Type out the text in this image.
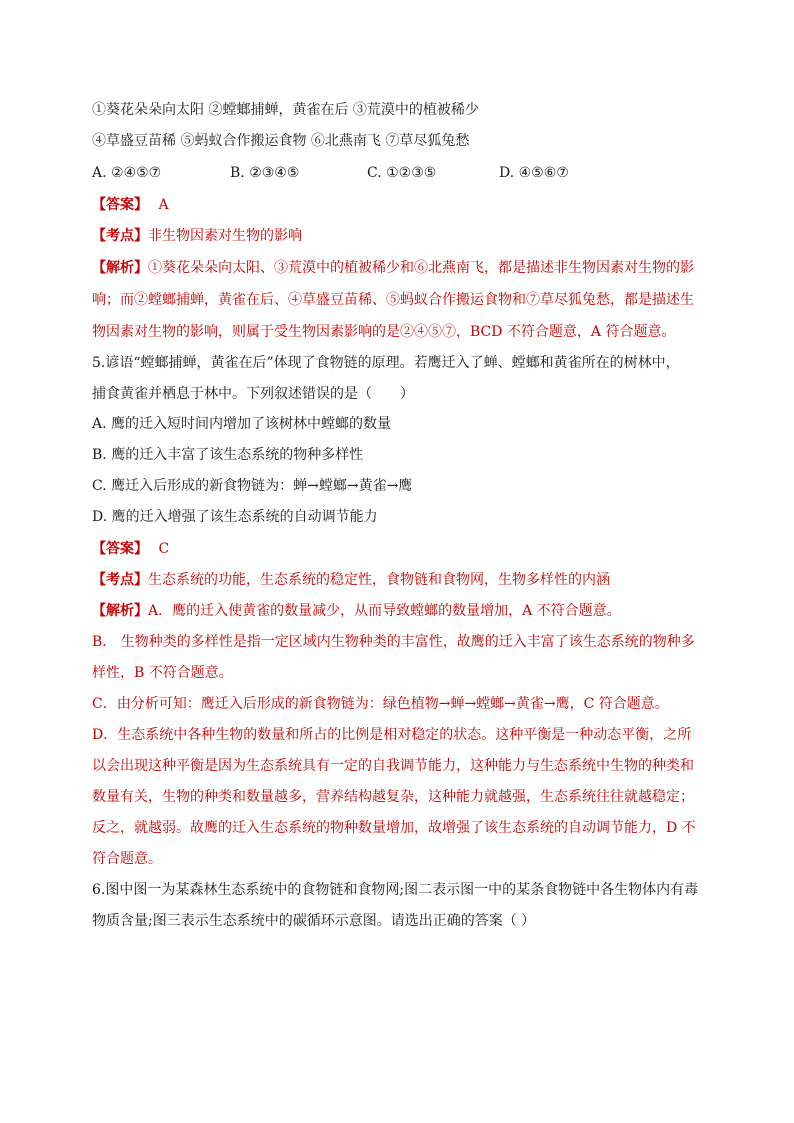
①葵花朵朵向太阳 ②螳螂捕蝉，黄雀在后 ③荒漠中的植被稀少
④草盛豆苗稀 ⑤蚂蚁合作搬运食物 ⑥北燕南飞 ⑦草尽狐兔愁
A. ②④⑤⑦	B. ②③④⑤	C. ①②③⑤	D. ④⑤⑥⑦
【答案】 A
【考点】非生物因素对生物的影响
【解析】①葵花朵朵向太阳、③荒漠中的植被稀少和⑥北燕南飞，都是描述非生物因素对生物的影
响；而②螳螂捕蝉，黄雀在后、④草盛豆苗稀、⑤蚂蚁合作搬运食物和⑦草尽狐兔愁，都是描述生
物因素对生物的影响，则属于受生物因素影响的是②④⑤⑦，BCD 不符合题意，A 符合题意。
5.谚语“螳螂捕蝉，黄雀在后”体现了食物链的原理。若鹰迁入了蝉、螳螂和黄雀所在的树林中，
捕食黄雀并栖息于林中。下列叙述错误的是（　　）
A. 鹰的迁入短时间内增加了该树林中螳螂的数量
B. 鹰的迁入丰富了该生态系统的物种多样性
C. 鹰迁入后形成的新食物链为：蝉→螳螂→黄雀→鹰
D. 鹰的迁入增强了该生态系统的自动调节能力
【答案】 C
【考点】生态系统的功能，生态系统的稳定性，食物链和食物网，生物多样性的内涵
【解析】A．鹰的迁入使黄雀的数量减少，从而导致螳螂的数量增加，A 不符合题意。
B． 生物种类的多样性是指一定区域内生物种类的丰富性，故鹰的迁入丰富了该生态系统的物种多
样性，B 不符合题意。
C．由分析可知：鹰迁入后形成的新食物链为：绿色植物→蝉→螳螂→黄雀→鹰，C 符合题意。
D．生态系统中各种生物的数量和所占的比例是相对稳定的状态。这种平衡是一种动态平衡，之所
以会出现这种平衡是因为生态系统具有一定的自我调节能力，这种能力与生态系统中生物的种类和
数量有关，生物的种类和数量越多，营养结构越复杂，这种能力就越强，生态系统往往就越稳定；
反之，就越弱。故鹰的迁入生态系统的物种数量增加，故增强了该生态系统的自动调节能力，D 不
符合题意。
6.图中图一为某森林生态系统中的食物链和食物网;图二表示图一中的某条食物链中各生物体内有毒
物质含量;图三表示生态系统中的碳循环示意图。请选出正确的答案（ ）
